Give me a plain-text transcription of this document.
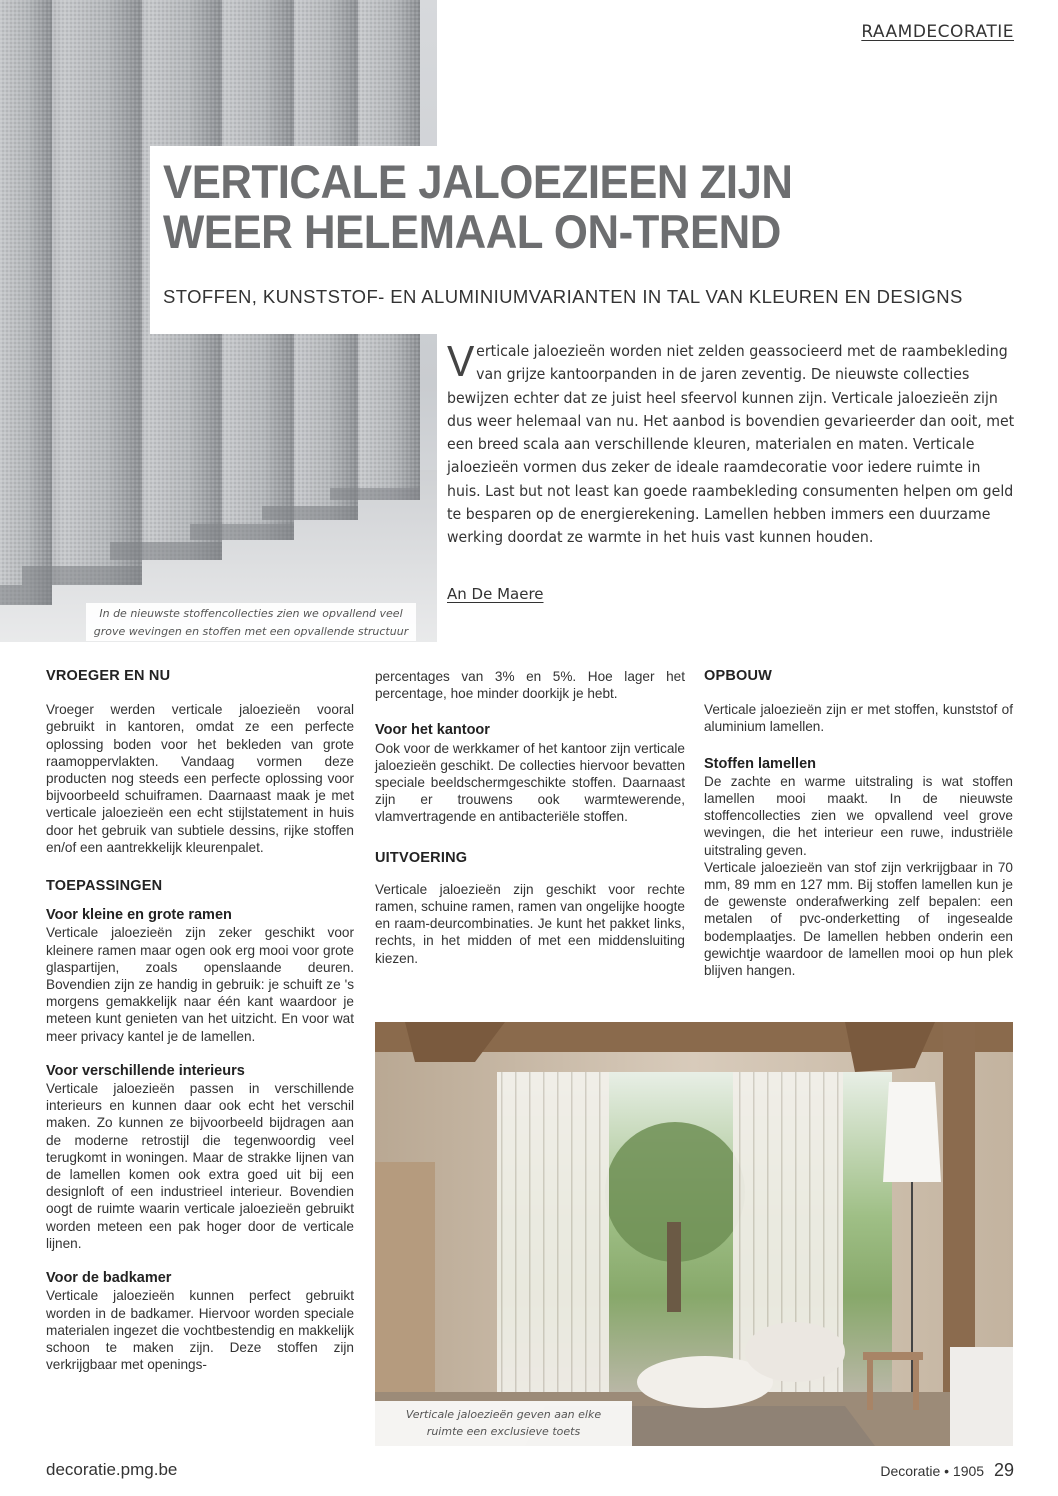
In de nieuwste stoffencollecties zien we opvallend veel
grove wevingen en stoffen met een opvallende structuur
RAAMDECORATIE
VERTICALE JALOEZIEEN ZIJN
WEER HELEMAAL ON-TREND
STOFFEN, KUNSTSTOF- EN ALUMINIUMVARIANTEN IN TAL VAN KLEUREN EN DESIGNS
V erticale jaloezieën worden niet zelden geassocieerd met de raambekleding van grijze kantoorpanden in de jaren zeventig. De nieuwste collecties bewijzen echter dat ze juist heel sfeervol kunnen zijn. Verticale jaloezieën zijn dus weer helemaal van nu. Het aanbod is bovendien gevarieerder dan ooit, met een breed scala aan verschillende kleuren, materialen en maten. Verticale jaloezieën vormen dus zeker de ideale raamdecoratie voor iedere ruimte in huis. Last but not least kan goede raambekleding consumenten helpen om geld te besparen op de energierekening. Lamellen hebben immers een duurzame werking doordat ze warmte in het huis vast kunnen houden.
An De Maere
VROEGER EN NU

Vroeger werden verticale jaloezieën vooral gebruikt in kantoren, omdat ze een perfecte oplossing boden voor het bekleden van grote raamoppervlakten. Vandaag vormen deze producten nog steeds een perfecte oplossing voor bijvoorbeeld schuiframen. Daarnaast maak je met verticale jaloezieën een echt stijlstatement in huis door het gebruik van subtiele dessins, rijke stoffen en/of een aantrekkelijk kleurenpalet.

TOEPASSINGEN
Voor kleine en grote ramen

Verticale jaloezieën zijn zeker geschikt voor kleinere ramen maar ogen ook erg mooi voor grote glaspartijen, zoals openslaande deuren. Bovendien zijn ze handig in gebruik: je schuift ze 's morgens gemakkelijk naar één kant waardoor je meteen kunt genieten van het uitzicht. En voor wat meer privacy kantel je de lamellen.

Voor verschillende interieurs

Verticale jaloezieën passen in verschillende interieurs en kunnen daar ook echt het verschil maken. Zo kunnen ze bijvoorbeeld bijdragen aan de moderne retrostijl die tegenwoordig veel terugkomt in woningen. Maar de strakke lijnen van de lamellen komen ook extra goed uit bij een designloft of een industrieel interieur. Bovendien oogt de ruimte waarin verticale jaloezieën gebruikt worden meteen een pak hoger door de verticale lijnen.

Voor de badkamer

Verticale jaloezieën kunnen perfect gebruikt worden in de badkamer. Hiervoor worden speciale materialen ingezet die vochtbestendig en makkelijk schoon te maken zijn. Deze stoffen zijn verkrijgbaar met openings-

percentages van 3% en 5%. Hoe lager het percentage, hoe minder doorkijk je hebt.

Voor het kantoor

Ook voor de werkkamer of het kantoor zijn verticale jaloezieën geschikt. De collecties hiervoor bevatten speciale beeldschermgeschikte stoffen. Daarnaast zijn er trouwens ook warmtewerende, vlamvertragende en antibacteriële stoffen.

UITVOERING

Verticale jaloezieën zijn geschikt voor rechte ramen, schuine ramen, ramen van ongelijke hoogte en raam-deurcombinaties. Je kunt het pakket links, rechts, in het midden of met een middensluiting kiezen.

OPBOUW

Verticale jaloezieën zijn er met stoffen, kunststof of aluminium lamellen.

Stoffen lamellen

De zachte en warme uitstraling is wat stoffen lamellen mooi maakt. In de nieuwste stoffencollecties zien we opvallend veel grove wevingen, die het interieur een ruwe, industriële uitstraling geven.

Verticale jaloezieën van stof zijn verkrijgbaar in 70 mm, 89 mm en 127 mm. Bij stoffen lamellen kun je de gewenste onderafwerking zelf bepalen: een metalen of pvc-onderketting of ingesealde bodemplaatjes. De lamellen hebben onderin een gewichtje waardoor de lamellen mooi op hun plek blijven hangen.

Verticale jaloezieën geven aan elke
ruimte een exclusieve toets
decoratie.pmg.be	Decoratie • 1905 29
